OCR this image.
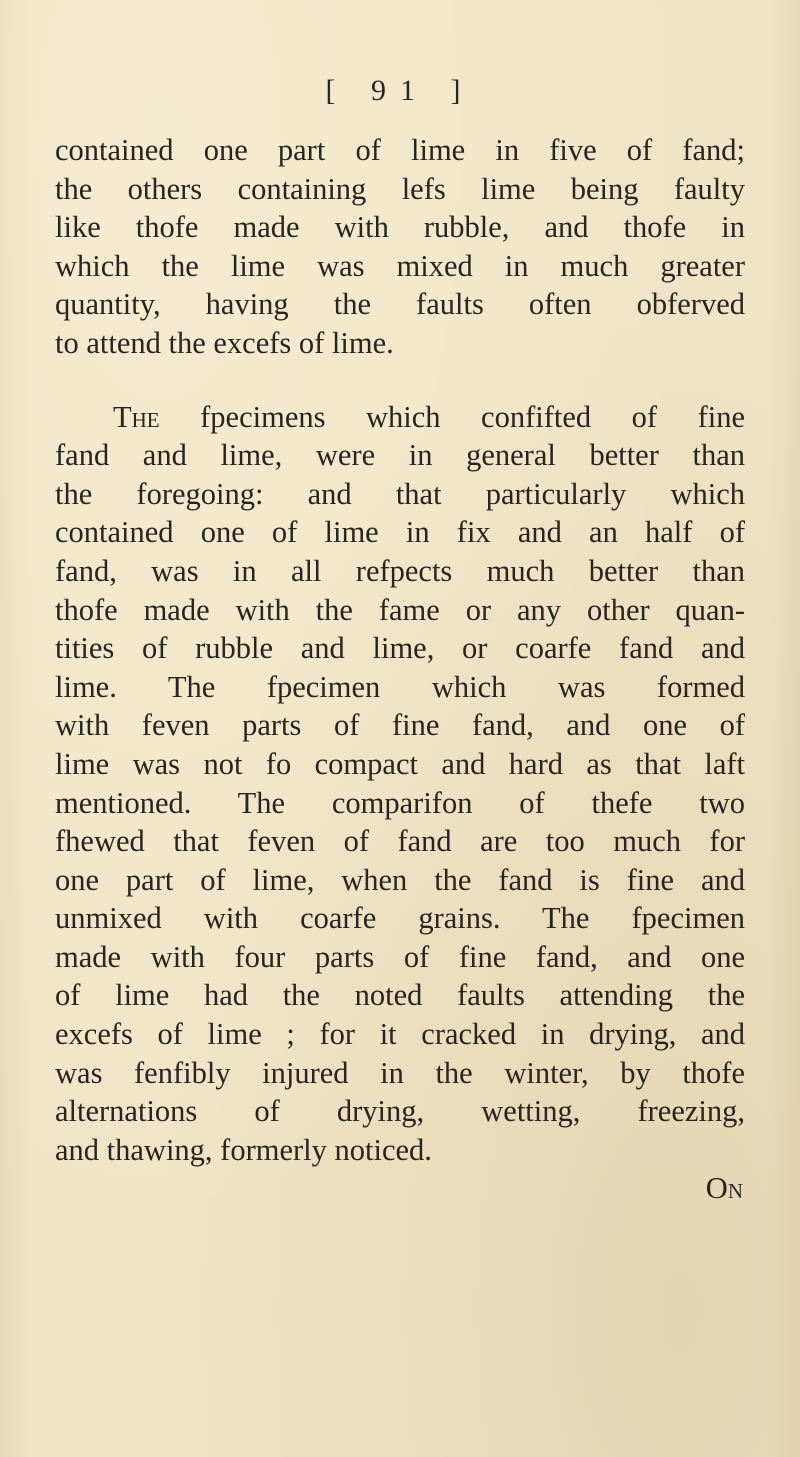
[ 91 ]
contained one part of lime in five of fand;
the others containing lefs lime being faulty
like thofe made with rubble, and thofe in
which the lime was mixed in much greater
quantity, having the faults often obferved
to attend the excefs of lime.
The fpecimens which confifted of fine
fand and lime, were in general better than
the foregoing: and that particularly which
contained one of lime in fix and an half of
fand, was in all refpects much better than
thofe made with the fame or any other quan-
tities of rubble and lime, or coarfe fand and
lime. The fpecimen which was formed
with feven parts of fine fand, and one of
lime was not fo compact and hard as that laft
mentioned. The comparifon of thefe two
fhewed that feven of fand are too much for
one part of lime, when the fand is fine and
unmixed with coarfe grains. The fpecimen
made with four parts of fine fand, and one
of lime had the noted faults attending the
excefs of lime ; for it cracked in drying, and
was fenfibly injured in the winter, by thofe
alternations of drying, wetting, freezing,
and thawing, formerly noticed.
On
